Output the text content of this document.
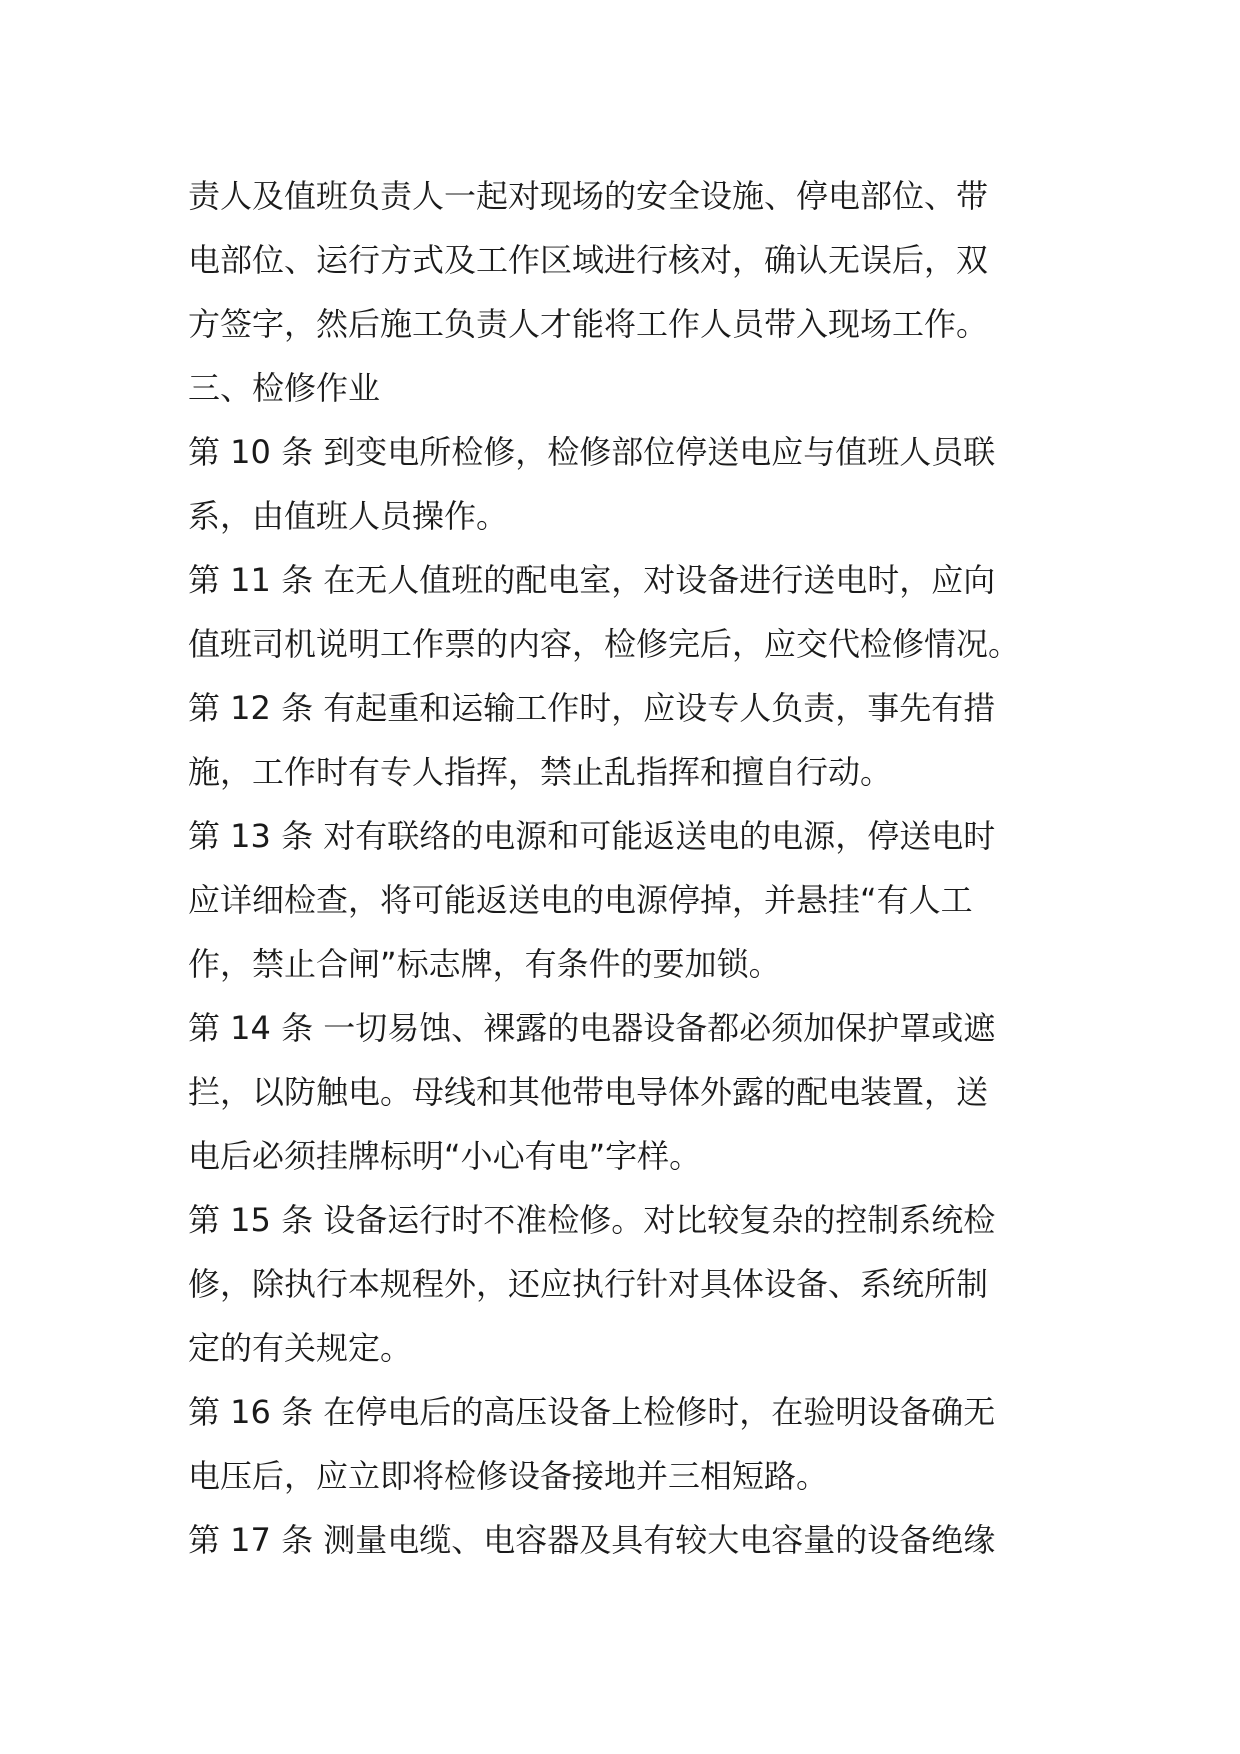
责人及值班负责人一起对现场的安全设施、停电部位、带

电部位、运行方式及工作区域进行核对，确认无误后，双

方签字，然后施工负责人才能将工作人员带入现场工作。

三、检修作业

第 10 条 到变电所检修，检修部位停送电应与值班人员联

系，由值班人员操作。

第 11 条 在无人值班的配电室，对设备进行送电时，应向

值班司机说明工作票的内容，检修完后，应交代检修情况。

第 12 条 有起重和运输工作时，应设专人负责，事先有措

施，工作时有专人指挥，禁止乱指挥和擅自行动。

第 13 条 对有联络的电源和可能返送电的电源，停送电时

应详细检查，将可能返送电的电源停掉，并悬挂“有人工

作，禁止合闸”标志牌，有条件的要加锁。

第 14 条 一切易蚀、裸露的电器设备都必须加保护罩或遮

拦，以防触电。母线和其他带电导体外露的配电装置，送

电后必须挂牌标明“小心有电”字样。

第 15 条 设备运行时不准检修。对比较复杂的控制系统检

修，除执行本规程外，还应执行针对具体设备、系统所制

定的有关规定。

第 16 条 在停电后的高压设备上检修时，在验明设备确无

电压后，应立即将检修设备接地并三相短路。

第 17 条 测量电缆、电容器及具有较大电容量的设备绝缘
